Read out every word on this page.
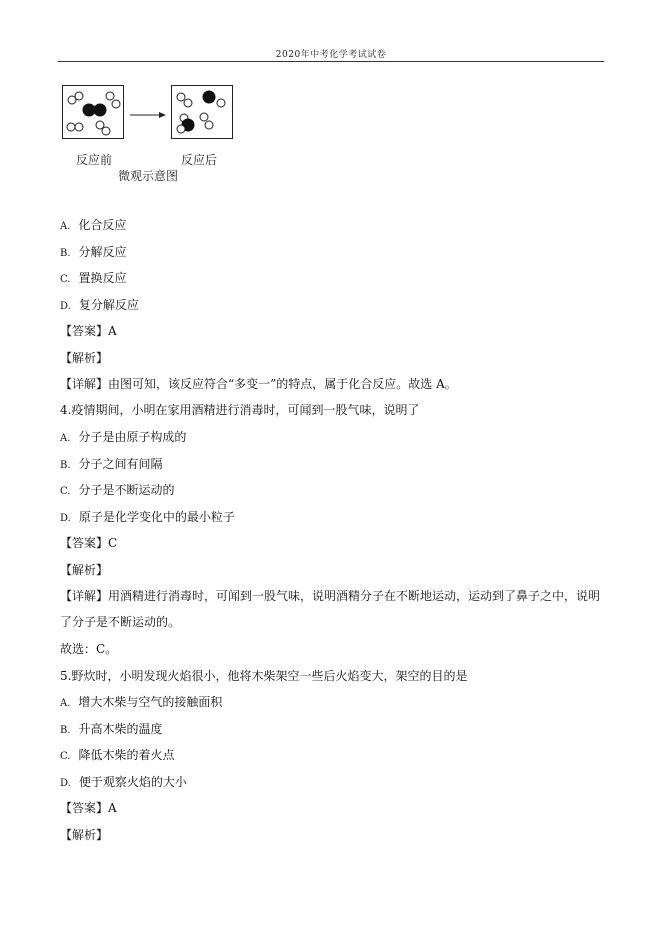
2020年中考化学考试试卷
反应前	反应后
微观示意图
A. 化合反应
B. 分解反应
C. 置换反应
D. 复分解反应
【答案】A
【解析】
【详解】由图可知，该反应符合“多变一”的特点，属于化合反应。故选 A。
4.疫情期间，小明在家用酒精进行消毒时，可闻到一股气味，说明了
A. 分子是由原子构成的
B. 分子之间有间隔
C. 分子是不断运动的
D. 原子是化学变化中的最小粒子
【答案】C
【解析】
【详解】用酒精进行消毒时，可闻到一股气味，说明酒精分子在不断地运动，运动到了鼻子之中，说明了分子是不断运动的。
故选：C。
5.野炊时，小明发现火焰很小，他将木柴架空一些后火焰变大，架空的目的是
A. 增大木柴与空气的接触面积
B. 升高木柴的温度
C. 降低木柴的着火点
D. 便于观察火焰的大小
【答案】A
【解析】
